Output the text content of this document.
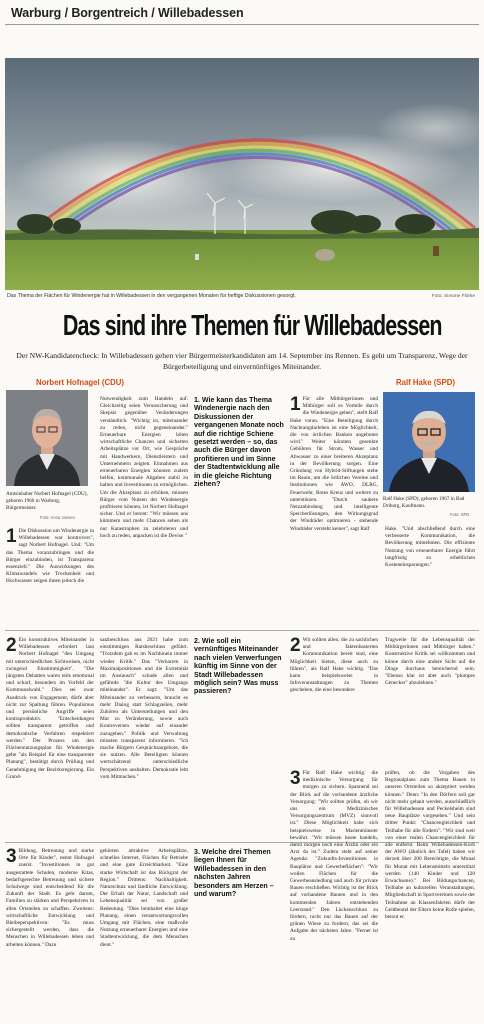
Warburg / Borgentreich / Willebadessen
Das Thema der Flächen für Windenergie hat in Willebadessen in den vergangenen Monaten für heftige Diskussionen gesorgt.	Foto: Simone Flörke
Das sind ihre Themen für Willebadessen
Der NW-Kandidatencheck: In Willebadessen gehen vier Bürgermeisterkandidaten am 14. September ins Rennen. Es geht um Transparenz, Wege der Bürgerbeteiligung und einvernünftiges Miteinander.
Norbert Hofnagel (CDU)
Amtsinhaber Norbert Hofnagel (CDU), geboren 1966 in Warburg, Bürgermeister.
Foto: Anna Jansen
Ralf Hake (SPD)
Ralf Hake (SPD), geboren 1967 in Bad Driburg, Kaufmann.
Foto: SPD
1. Wie kann das Thema Windenergie nach den Diskussionen der vergangenen Monate noch auf die richtige Schiene gesetzt werden – so, das auch die Bürger davon profitieren und im Sinne der Stadtentwicklung alle in die gleiche Richtung ziehen?
2. Wie soll ein vernünftiges Miteinander nach vielen Verwerfungen künftig im Sinne von der Stadt Willebadessen möglich sein? Was muss passieren?
3. Welche drei Themen liegen Ihnen für Willebadessen in den nächsten Jahren besonders am Herzen – und warum?
1 Die Diskussion um Windenergie in Willebadessen war kontrovers", sagt Norbert Hofnagel. Und: "Um das Thema voranzubringen und die Bürger einzubinden, ist Transparenz essenziell." Die Auswirkungen des Klimawandels wie Trockenheit und Hochwasser zeigen ihnen jedoch die
Notwendigkeit zum Handeln auf. Gleichzeitig seien Verunsicherung und Skepsis gegenüber Veränderungen verständlich. "Wichtig ist, miteinander zu reden, nicht gegeneinander." Erneuerbare Energien böten wirtschaftliche Chancen und sicherten Arbeitsplätze vor Ort, wie Gespräche mit Handwerkern, Dienstleistern und Unternehmern zeigten. Einnahmen aus erneuerbaren Energien könnten zudem helfen, kommunale Abgaben stabil zu halten und Investitionen zu ermöglichen. Um die Akzeptanz zu erhöhen, müssen Bürger vom Nutzen der Windenergie profitieren können, ist Norbert Hofnagel sicher. Und er betont: "Wir müssen uns kümmern und mehr Chancen sehen als nur Katastrophen zu zelebrieren und hoch zu reden, anpacken ist die Devise."
1 Für alle Mitbürgerinnen und Mitbürger soll es Vorteile durch die Windenergie geben", stellt Ralf Hake voran. "Eine Beteiligung durch Nachrangdarlehen ist eine Möglichkeit, die von örtlichen Banken angeboten wird." Weiter könnten gesenkte Gebühren für Strom, Wasser und Abwasser zu einer breiteren Akzeptanz in der Bevölkerung sorgen. Eine Gründung von Hybrid-Stiftungen stehe im Raum, um die örtlichen Vereine und Institutionen wie AWO, DLRG, Feuerwehr, Rotes Kreuz und weitere zu unterstützen. "Durch saubere Netzanbindung und intelligente Speicherlösungen, den Wirkungsgrad der Windräder optimieren - stehende Windräder versteht keiner", sagt Ralf	Hake. "Und abschließend durch eine verbesserte Kommunikation, die Bevölkerung mitnehmen. Die effiziente Nutzung von erneuerbarer Energie führt langfristig zu erheblichen Kosteneinsparungen."
2 Ein konstruktives Miteinander in Willebadessen erfordert laut Norbert Hofnagel "den Umgang mit unterschiedlichen Sichtweisen, nicht zwingend Einstimmigkeit". "Die jüngsten Debatten waren teils emotional und scharf, besonders im Vorfeld der Kommunalwahl." Dies sei zwar Ausdruck von Engagement, dürfe aber nicht zur Spaltung führen. Populismus und persönliche Angriffe seien kontraproduktiv. "Entscheidungen sollten transparent getroffen und demokratische Verfahren respektiert werden." Der Prozess um den Flächennutzungsplan für Windenergie gelte "als Beispiel für eine transparente Planung", bestätigt durch Prüfung und Genehmigung der Bezirksregierung. Ein Grund-
satzbeschluss aus 2021 habe zum einstimmigen Ratsbeschluss geführt. "Trotzdem gab es im Nachhinein immer wieder Kritik." Das "Verharren in Maximalpositionen und die Extremität im Austausch" schade allen und gefährde "die Kultur des Umgangs miteinander". Er sagt: "Um das Miteinander zu verbessern, braucht es mehr Dialog statt Schlagzeilen, mehr Zuhören als Unterstellungen und den Mut zu Veränderung, sowie auch Kontroversen wieder auf einander zuzugehen." Politik und Verwaltung müssten transparent informieren. "Ich mache Bürgern Gesprächsangebote, die sie nutzen. Alle Beteiligten können wertschätzend unterschiedliche Perspektiven aushalten. Demokratie lebt vom Mitmachen."
2 Wir sollten allen, die zu sachlichen und faktenbasierten Kommunikation bereit sind, eine Möglichkeit bieten, diese auch zu führen", als Ralf Hake wichtig. "Das kann beispielsweise in Infoveranstaltungen zu Themen geschehen, die eine besondere
Tragweite für die Lebensqualität der Mitbürgerinnen und Mitbürger haben." Konstruktive Kritik sei willkommen und könne durch eine andere Sicht auf die Dinge durchaus bereichernd sein. "Ebenso klar ist aber auch "plumpes Genecker" abzulehnen."
3 Bildung, Betreuung und starke Orte für Kinder", nennt Hofnagel zuerst. "Investitionen in gut ausgestattete Schulen, moderne Kitas, bedarfsgerechte Betreuung und sichere Schulwege sind entscheidend für die Zukunft der Stadt. Es geht darum, Familien zu stärken und Perspektiven in allen Ortsteilen zu schaffen. Zweitens: wirtschaftliche Entwicklung und Bleibeperspektiven: "Es muss sichergestellt werden, dass die Menschen in Willebadessen leben und arbeiten können." Dazu
gehörten attraktive Arbeitsplätze, schnelles Internet, Flächen für Betriebe und eine gute Erreichbarkeit. "Eine starke Wirtschaft ist das Rückgrat der Region." Drittens: Nachhaltigkeit. Naturschutz und ländliche Entwicklung. Der Erhalt der Natur, Landschaft und Lebensqualität sei von großer Bedeutung. "Dies beinhaltet eine kluge Planung, einen verantwortungsvollen Umgang mit Flächen, eine maßvolle Nutzung erneuerbarer Energien und eine Stadtentwicklung, die dem Menschen dient."
3 Für Ralf Hake wichtig: die medizinische Versorgung für morgen zu sichern. Spannend sei der Blick auf die vorhandene ärztliche Versorgung: "Wir sollten prüfen, ob wir uns ein Medizinisches Versorgungszentrum (MVZ) sinnvoll ist." Diese Möglichkeit habe sich beispielsweise in Marienmünster bewährt. "Wir müssen heute handeln, damit morgen noch eine Ärztin oder ein Arzt da ist." Zudem steht auf seiner Agenda: "Zukunfts-Investitionen in Bauplätze und Gewerbeflächen": "Wir wollen Flächen für die Gewerbeansiedlung und auch für private Bauen erschließen. Wichtig ist der Blick auf vorhandene Bauten und in den kommenden Jahren entstehenden Leerstand." Den Lückenschluss zu fördern, nicht nur das Bauen auf der grünen Wiese zu fordern, das sei die Aufgabe der nächsten Jahre. "Ferner ist zu
prüfen, ob die Vorgaben des Regionalplans zum Thema Bauen in unseren Ortsteilen so akzeptiert werden können." Denn: "In den Dörfern soll gar nicht mehr gebaut werden, ausschließlich für Willebadessen und Peckelsheim sind neue Bauplätze vorgesehen." Und sein dritter Punkt: "Chancengleichheit und Teilhabe für alle fördern": "Wir sind weit von einer realen Chancengleichheit für alle entfernt. Beim Willebadessen-Korb der AWO (ähnlich der Tafel) haben wir derzeit über 200 Berechtigte, die Monat für Monat mit Lebensmitteln unterstützt werden (140 Kinder und 120 Erwachsene)." Bei Bildungschancen, Teilhabe an kulturellen Veranstaltungen, Mitgliedschaft in Sportvereinen sowie der Teilnahme an Klassenfahrten dürfe der Geldbeutel der Eltern keine Rolle spielen, betont er.
